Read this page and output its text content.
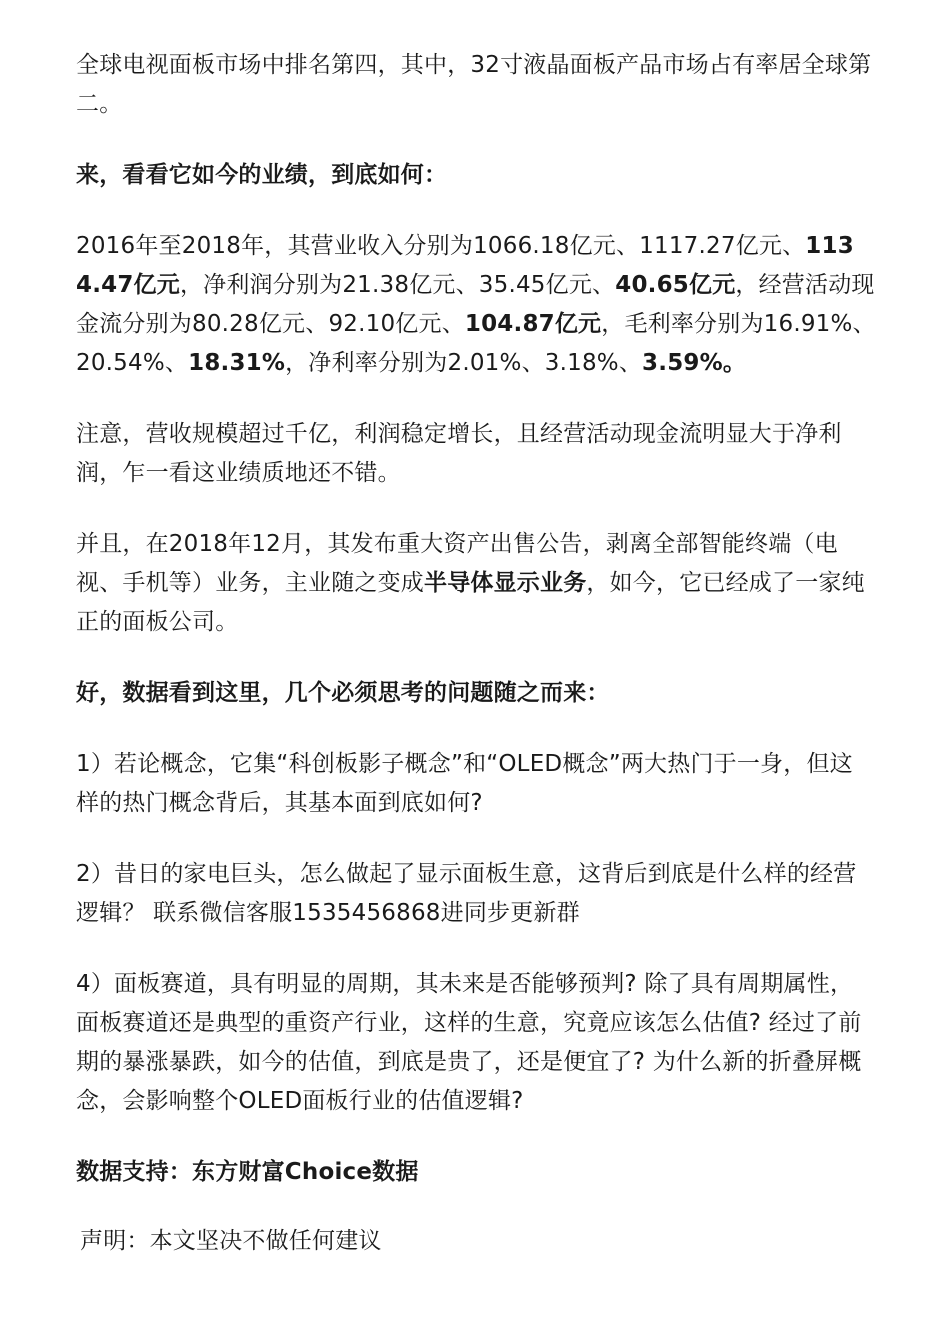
全球电视面板市场中排名第四，其中，32寸液晶面板产品市场占有率居全球第二。

来，看看它如今的业绩，到底如何：

2016年至2018年，其营业收入分别为1066.18亿元、1117.27亿元、1134.47亿元，净利润分别为21.38亿元、35.45亿元、40.65亿元，经营活动现金流分别为80.28亿元、92.10亿元、104.87亿元，毛利率分别为16.91%、20.54%、18.31%，净利率分别为2.01%、3.18%、3.59%。

注意，营收规模超过千亿，利润稳定增长，且经营活动现金流明显大于净利润，乍一看这业绩质地还不错。

并且，在2018年12月，其发布重大资产出售公告，剥离全部智能终端（电视、手机等）业务，主业随之变成半导体显示业务，如今，它已经成了一家纯正的面板公司。

好，数据看到这里，几个必须思考的问题随之而来：

1）若论概念，它集“科创板影子概念”和“OLED概念”两大热门于一身，但这样的热门概念背后，其基本面到底如何?

2）昔日的家电巨头，怎么做起了显示面板生意，这背后到底是什么样的经营逻辑？ 联系微信客服1535456868进同步更新群

4）面板赛道，具有明显的周期，其未来是否能够预判? 除了具有周期属性，面板赛道还是典型的重资产行业，这样的生意，究竟应该怎么估值? 经过了前期的暴涨暴跌，如今的估值，到底是贵了，还是便宜了? 为什么新的折叠屏概念，会影响整个OLED面板行业的估值逻辑?

数据支持：东方财富Choice数据

声明：本文坚决不做任何建议
